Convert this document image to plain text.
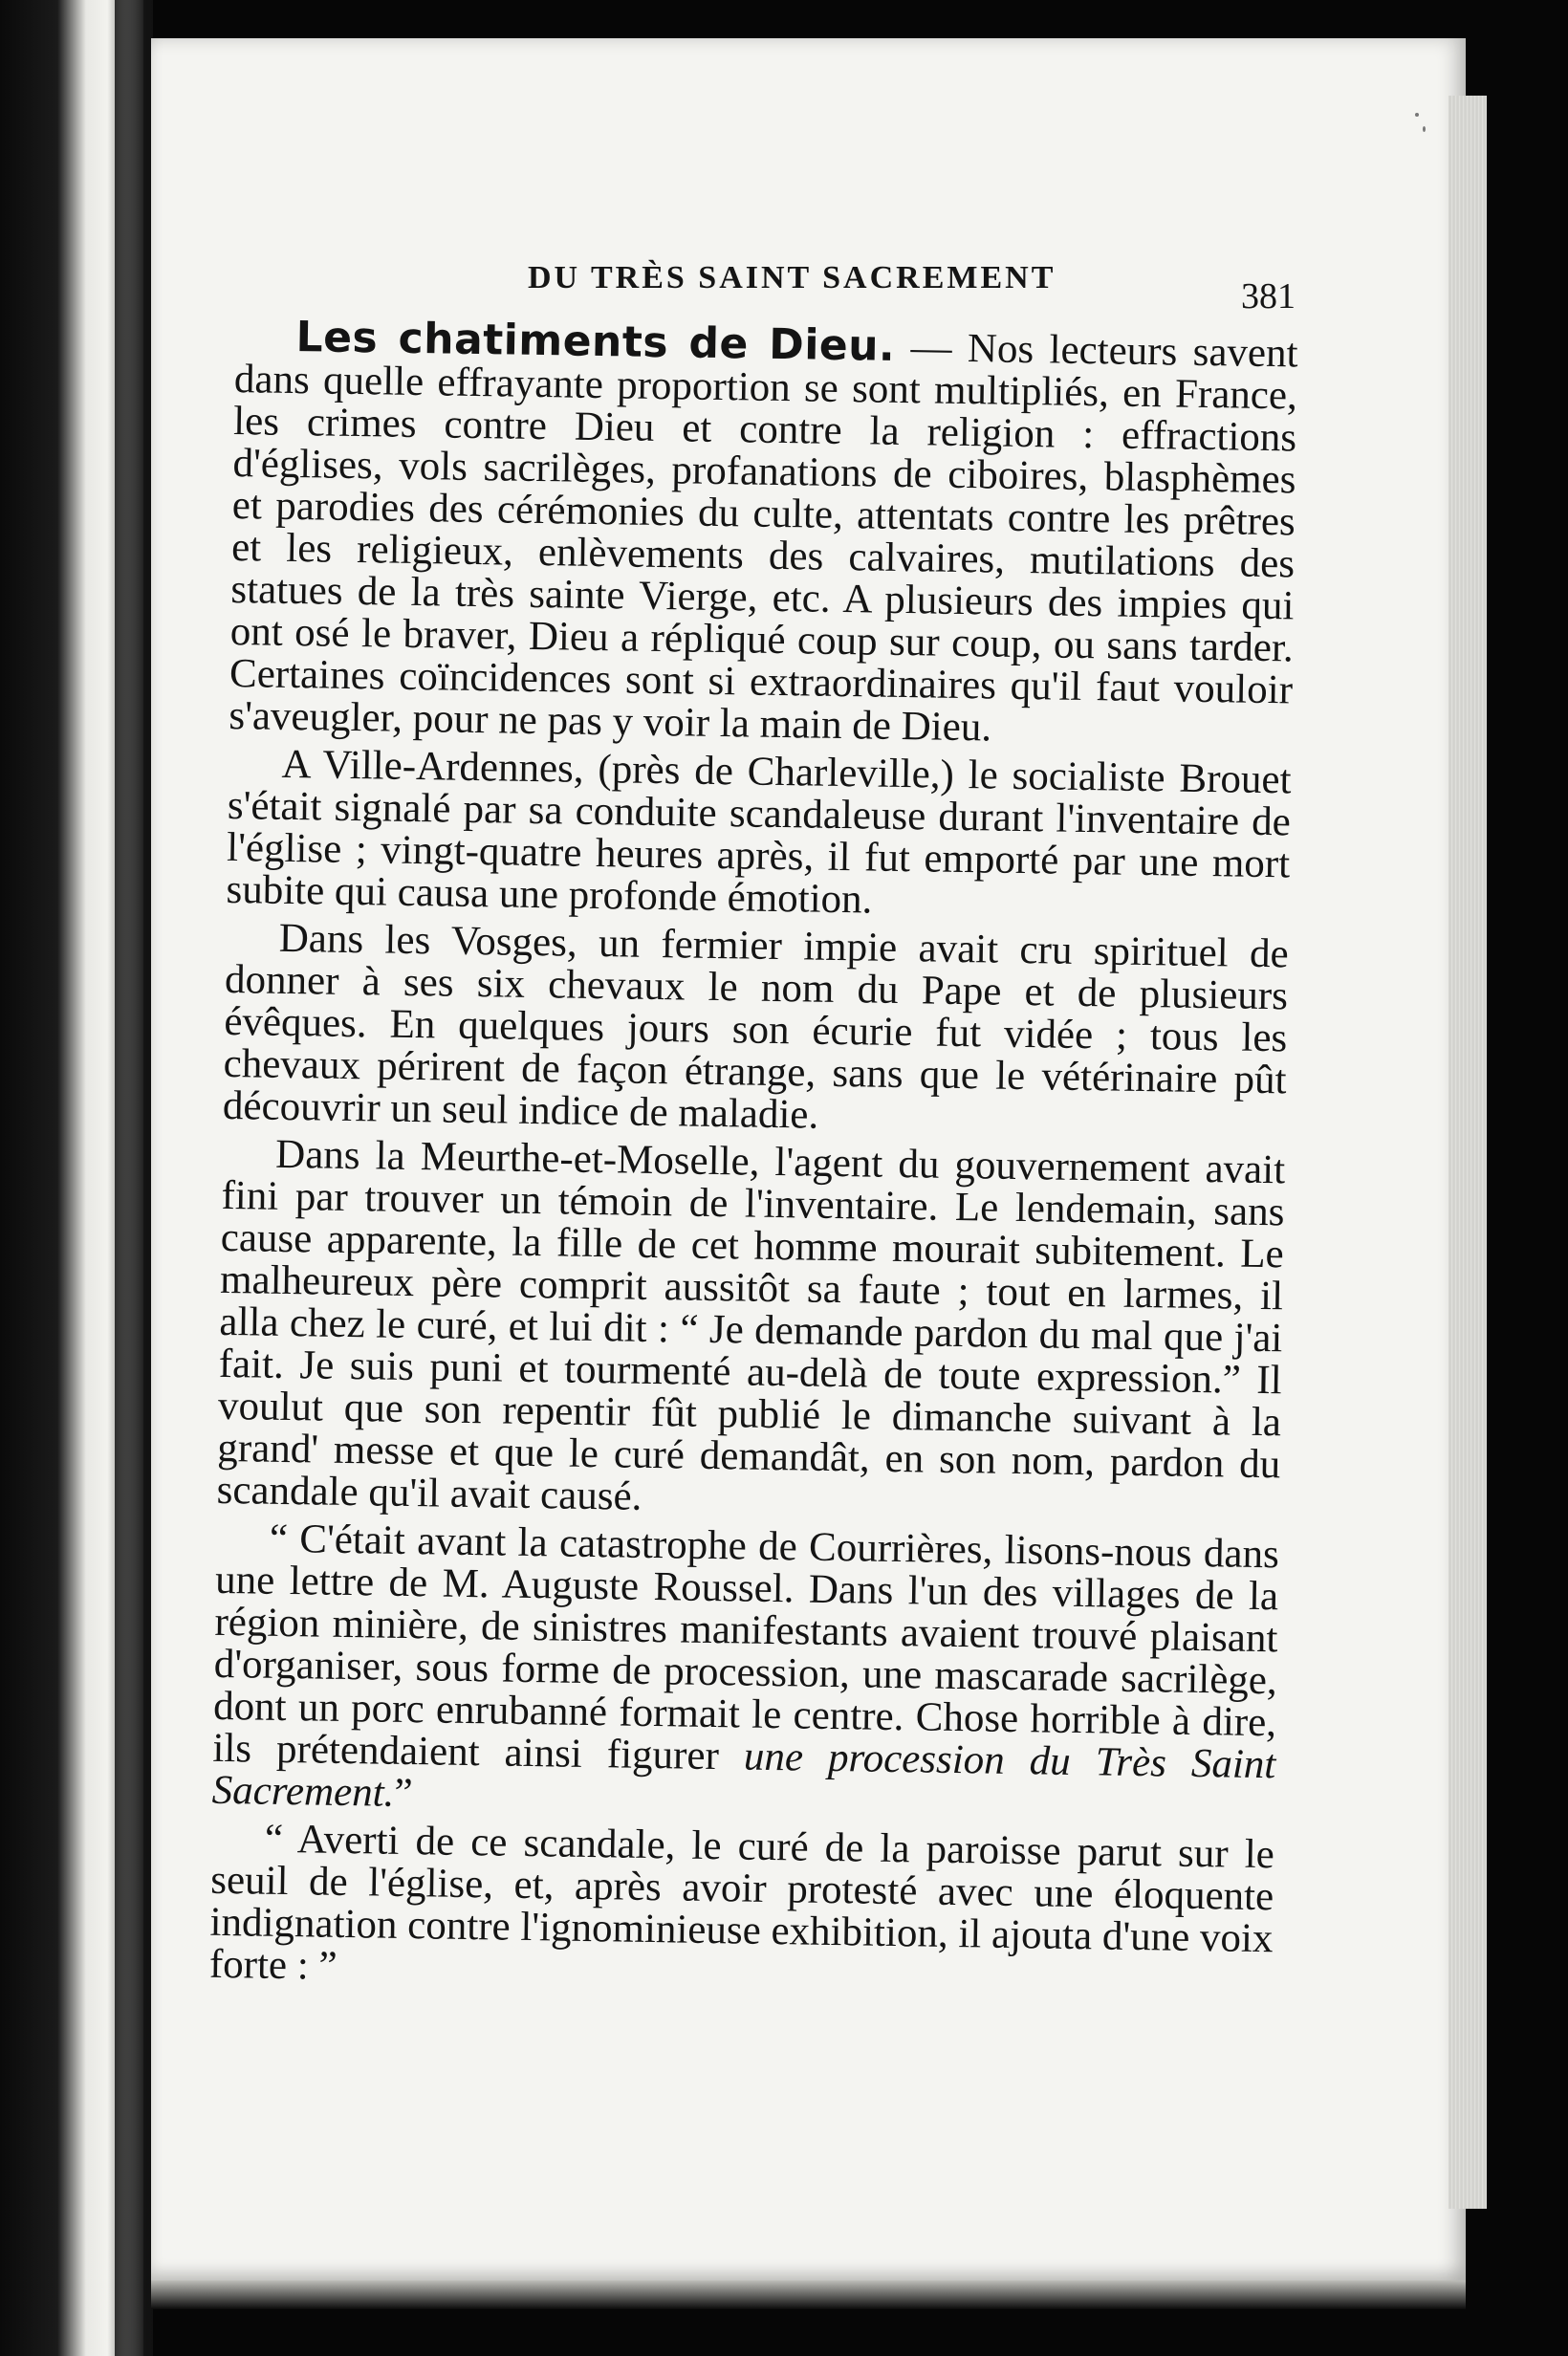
DU TRÈS SAINT SACREMENT	381

Les chatiments de Dieu. — Nos lecteurs savent dans quelle effrayante proportion se sont multipliés, en France, les crimes contre Dieu et contre la religion : effractions d'églises, vols sacrilèges, profanations de ciboires, blasphèmes et parodies des cérémonies du culte, attentats contre les prêtres et les religieux, enlèvements des calvaires, mutilations des statues de la très sainte Vierge, etc. A plusieurs des impies qui ont osé le braver, Dieu a répliqué coup sur coup, ou sans tarder. Certaines coïncidences sont si extraordinaires qu'il faut vouloir s'aveugler, pour ne pas y voir la main de Dieu.

A Ville-Ardennes, (près de Charleville,) le socialiste Brouet s'était signalé par sa conduite scandaleuse durant l'inventaire de l'église ; vingt-quatre heures après, il fut emporté par une mort subite qui causa une profonde émotion.

Dans les Vosges, un fermier impie avait cru spirituel de donner à ses six chevaux le nom du Pape et de plusieurs évêques. En quelques jours son écurie fut vidée ; tous les chevaux périrent de façon étrange, sans que le vétérinaire pût découvrir un seul indice de maladie.

Dans la Meurthe-et-Moselle, l'agent du gouvernement avait fini par trouver un témoin de l'inventaire. Le lendemain, sans cause apparente, la fille de cet homme mourait subitement. Le malheureux père comprit aussitôt sa faute ; tout en larmes, il alla chez le curé, et lui dit : “ Je demande pardon du mal que j'ai fait. Je suis puni et tourmenté au-delà de toute expression.” Il voulut que son repentir fût publié le dimanche suivant à la grand' messe et que le curé demandât, en son nom, pardon du scandale qu'il avait causé.

“ C'était avant la catastrophe de Courrières, lisons-nous dans une lettre de M. Auguste Roussel. Dans l'un des villages de la région minière, de sinistres manifestants avaient trouvé plaisant d'organiser, sous forme de procession, une mascarade sacrilège, dont un porc enrubanné formait le centre. Chose horrible à dire, ils prétendaient ainsi figurer une procession du Très Saint Sacrement.”

“ Averti de ce scandale, le curé de la paroisse parut sur le seuil de l'église, et, après avoir protesté avec une éloquente indignation contre l'ignominieuse exhibition, il ajouta d'une voix forte : ”
